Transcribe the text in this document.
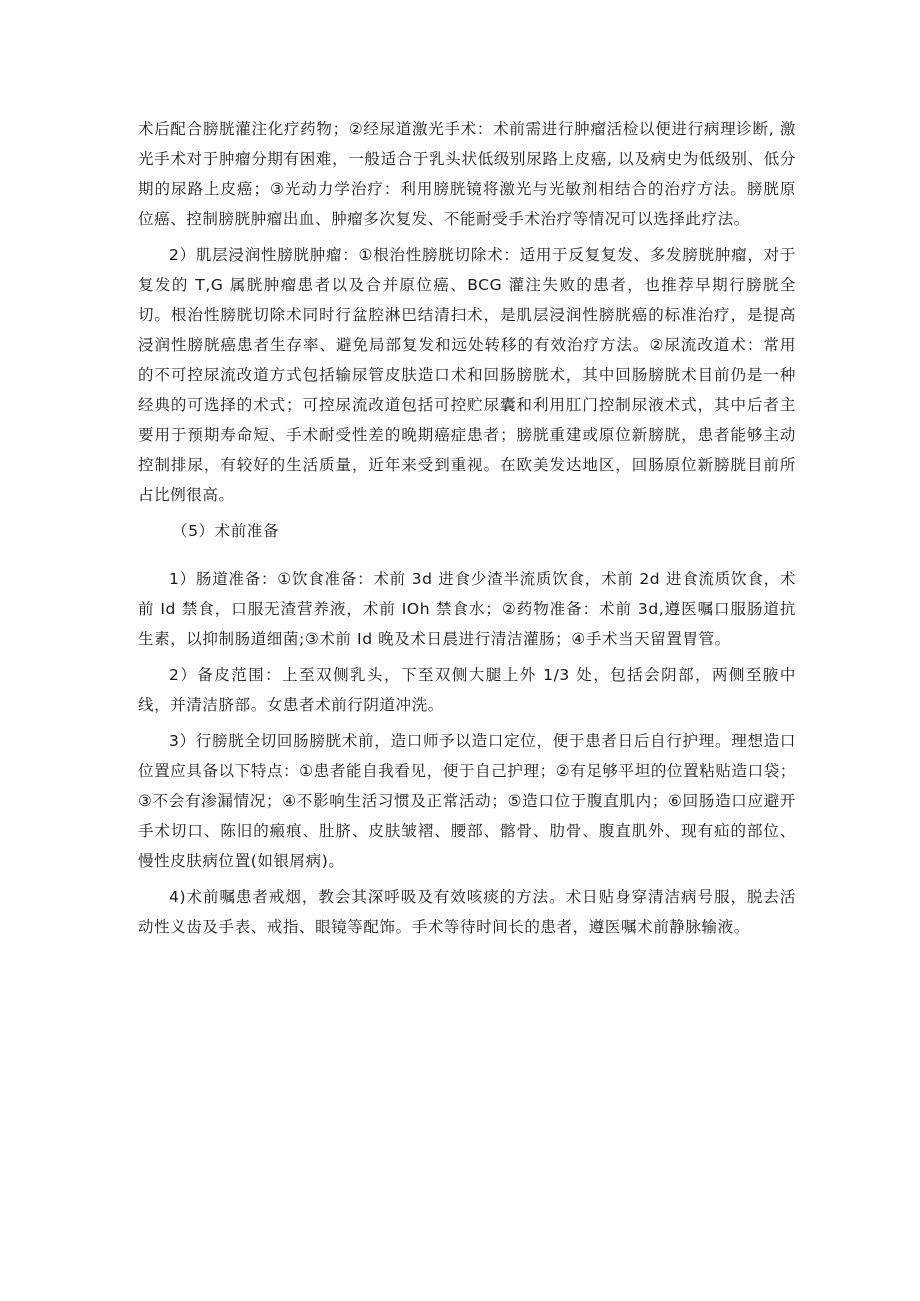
术后配合膀胱灌注化疗药物；②经尿道激光手术：术前需进行肿瘤活检以便进行病理诊断, 激光手术对于肿瘤分期有困难，一般适合于乳头状低级别尿路上皮癌, 以及病史为低级别、低分期的尿路上皮癌；③光动力学治疗：利用膀胱镜将激光与光敏剂相结合的治疗方法。膀胱原位癌、控制膀胱肿瘤出血、肿瘤多次复发、不能耐受手术治疗等情况可以选择此疗法。

2）肌层浸润性膀胱肿瘤：①根治性膀胱切除术：适用于反复复发、多发膀胱肿瘤，对于复发的 T,G 属胱肿瘤患者以及合并原位癌、BCG 灌注失败的患者，也推荐早期行膀胱全切。根治性膀胱切除术同时行盆腔淋巴结清扫术，是肌层浸润性膀胱癌的标准治疗，是提高浸润性膀胱癌患者生存率、避免局部复发和远处转移的有效治疗方法。②尿流改道术：常用的不可控尿流改道方式包括输尿管皮肤造口术和回肠膀胱术，其中回肠膀胱术目前仍是一种经典的可选择的术式；可控尿流改道包括可控贮尿囊和利用肛门控制尿液术式，其中后者主要用于预期寿命短、手术耐受性差的晚期癌症患者；膀胱重建或原位新膀胱，患者能够主动控制排尿，有较好的生活质量，近年来受到重视。在欧美发达地区，回肠原位新膀胱目前所占比例很高。

（5）术前准备

1）肠道准备：①饮食准备：术前 3d 进食少渣半流质饮食，术前 2d 进食流质饮食，术前 Id 禁食，口服无渣营养液，术前 IOh 禁食水；②药物准备：术前 3d,遵医嘱口服肠道抗生素，以抑制肠道细菌;③术前 Id 晚及术日晨进行清洁灌肠；④手术当天留置胃管。

2）备皮范围：上至双侧乳头，下至双侧大腿上外 1/3 处，包括会阴部，两侧至腋中线，并清洁脐部。女患者术前行阴道冲洗。

3）行膀胱全切回肠膀胱术前，造口师予以造口定位，便于患者日后自行护理。理想造口位置应具备以下特点：①患者能自我看见，便于自己护理；②有足够平坦的位置粘贴造口袋；③不会有渗漏情况；④不影响生活习惯及正常活动；⑤造口位于腹直肌内；⑥回肠造口应避开手术切口、陈旧的瘢痕、肚脐、皮肤皱褶、腰部、髂骨、肋骨、腹直肌外、现有疝的部位、慢性皮肤病位置(如银屑病)。

4)术前嘱患者戒烟，教会其深呼吸及有效咳痰的方法。术日贴身穿清洁病号服，脱去活动性义齿及手表、戒指、眼镜等配饰。手术等待时间长的患者，遵医嘱术前静脉输液。
